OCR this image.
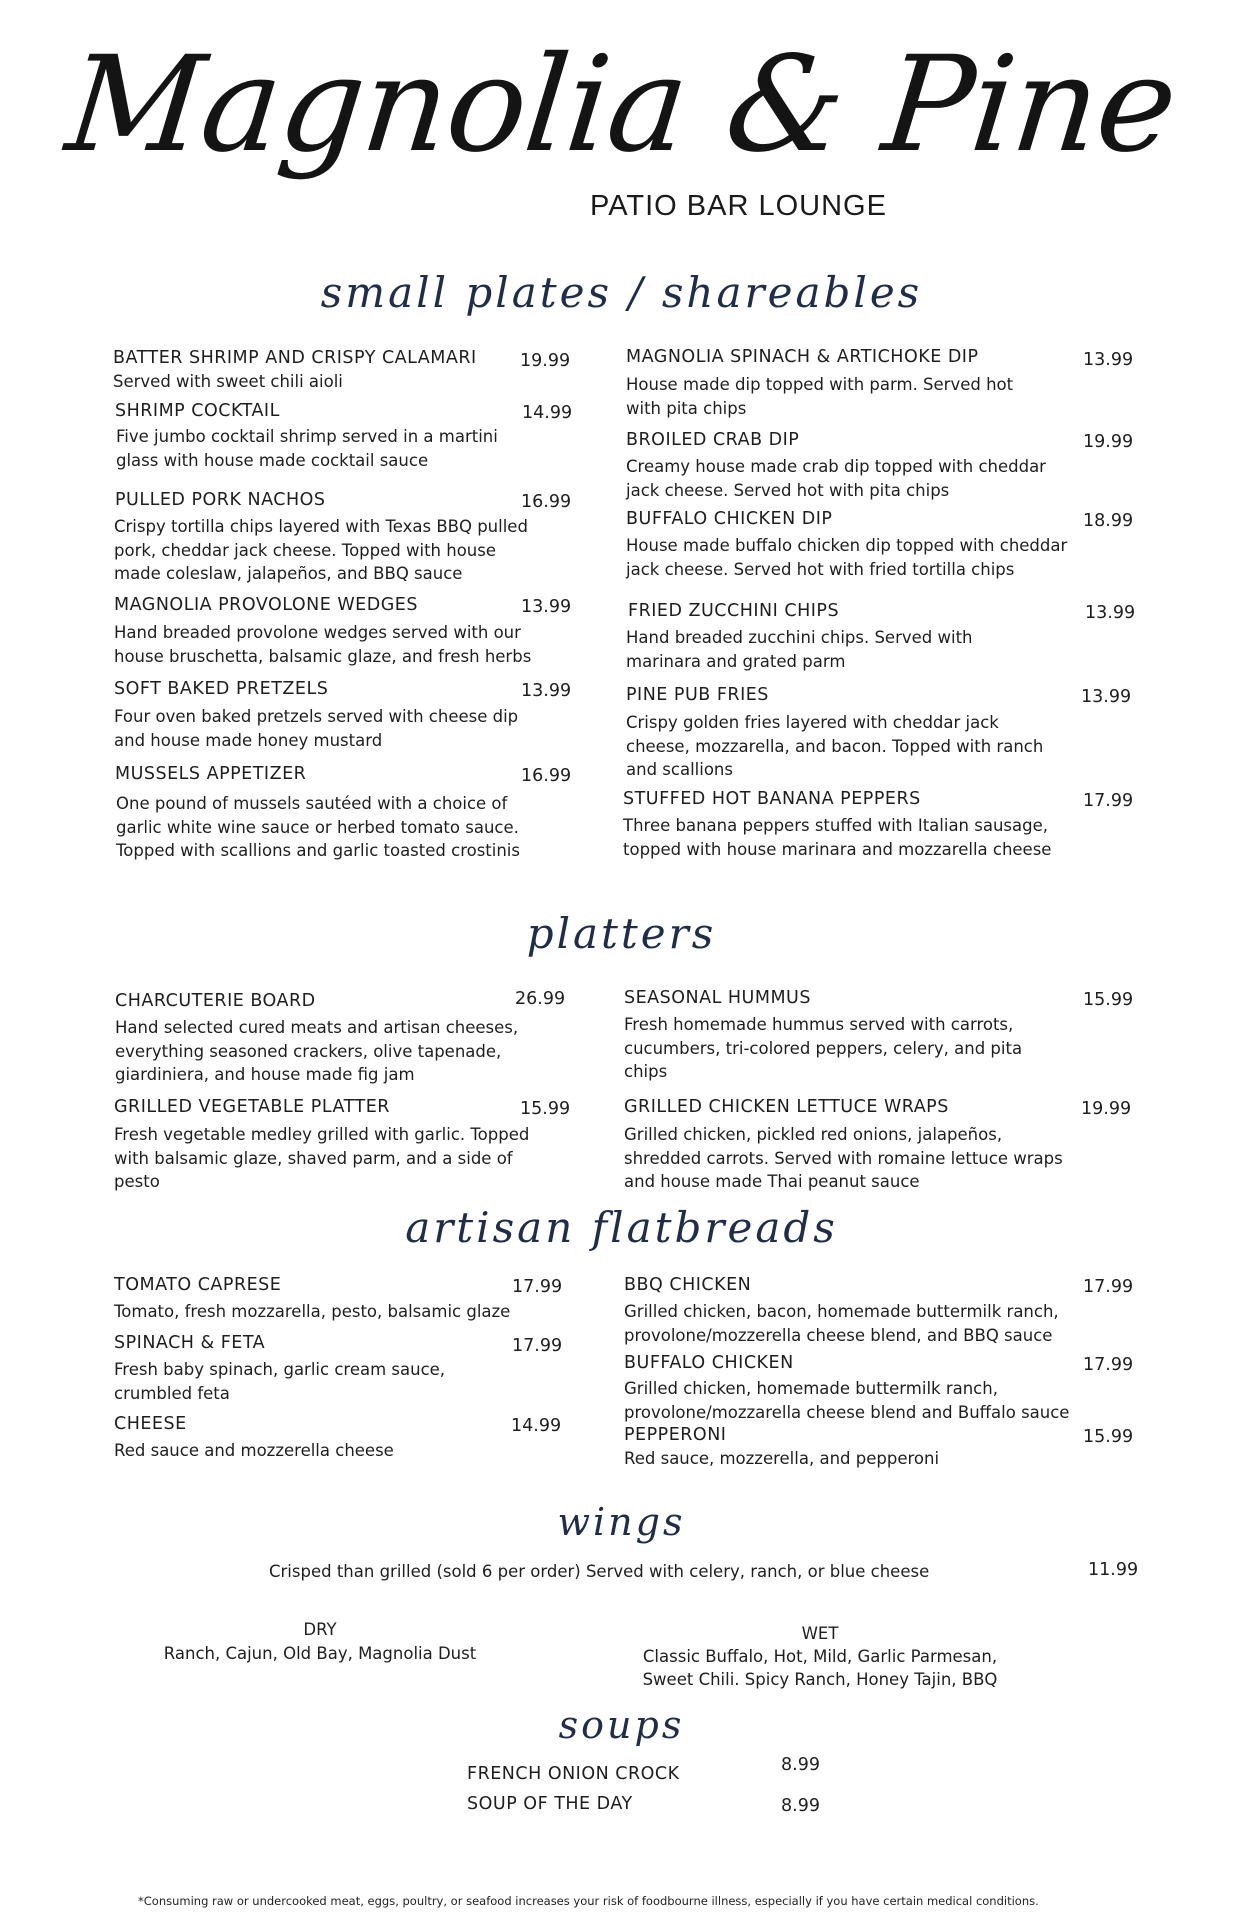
Magnolia & Pine
PATIO BAR LOUNGE
small plates / shareables
BATTER SHRIMP AND CRISPY CALAMARI 19.99
Served with sweet chili aioli
SHRIMP COCKTAIL	14.99
Five jumbo cocktail shrimp served in a martini glass with house made cocktail sauce
PULLED PORK NACHOS	16.99
Crispy tortilla chips layered with Texas BBQ pulled pork, cheddar jack cheese. Topped with house made coleslaw, jalapeños, and BBQ sauce
MAGNOLIA PROVOLONE WEDGES	13.99
Hand breaded provolone wedges served with our house bruschetta, balsamic glaze, and fresh herbs
SOFT BAKED PRETZELS	13.99
Four oven baked pretzels served with cheese dip and house made honey mustard
MUSSELS APPETIZER	16.99
One pound of mussels sautéed with a choice of garlic white wine sauce or herbed tomato sauce. Topped with scallions and garlic toasted crostinis
MAGNOLIA SPINACH & ARTICHOKE DIP	13.99
House made dip topped with parm. Served hot with pita chips
BROILED CRAB DIP	19.99
Creamy house made crab dip topped with cheddar jack cheese. Served hot with pita chips
BUFFALO CHICKEN DIP	18.99
House made buffalo chicken dip topped with cheddar jack cheese. Served hot with fried tortilla chips
FRIED ZUCCHINI CHIPS	13.99
Hand breaded zucchini chips. Served with marinara and grated parm
PINE PUB FRIES	13.99
Crispy golden fries layered with cheddar jack cheese, mozzarella, and bacon. Topped with ranch and scallions
STUFFED HOT BANANA PEPPERS	17.99
Three banana peppers stuffed with Italian sausage, topped with house marinara and mozzarella cheese
platters
CHARCUTERIE BOARD	26.99
Hand selected cured meats and artisan cheeses, everything seasoned crackers, olive tapenade, giardiniera, and house made fig jam
GRILLED VEGETABLE PLATTER	15.99
Fresh vegetable medley grilled with garlic. Topped with balsamic glaze, shaved parm, and a side of pesto
SEASONAL HUMMUS	15.99
Fresh homemade hummus served with carrots, cucumbers, tri-colored peppers, celery, and pita chips
GRILLED CHICKEN LETTUCE WRAPS	19.99
Grilled chicken, pickled red onions, jalapeños, shredded carrots. Served with romaine lettuce wraps and house made Thai peanut sauce
artisan flatbreads
TOMATO CAPRESE	17.99
Tomato, fresh mozzarella, pesto, balsamic glaze
SPINACH & FETA	17.99
Fresh baby spinach, garlic cream sauce, crumbled feta
CHEESE	14.99
Red sauce and mozzerella cheese
BBQ CHICKEN	17.99
Grilled chicken, bacon, homemade buttermilk ranch, provolone/mozzerella cheese blend, and BBQ sauce
BUFFALO CHICKEN	17.99
Grilled chicken, homemade buttermilk ranch, provolone/mozzarella cheese blend and Buffalo sauce
PEPPERONI	15.99
Red sauce, mozzerella, and pepperoni
wings
Crisped than grilled (sold 6 per order) Served with celery, ranch, or blue cheese	11.99
DRY
Ranch, Cajun, Old Bay, Magnolia Dust
WET
Classic Buffalo, Hot, Mild, Garlic Parmesan,
Sweet Chili. Spicy Ranch, Honey Tajin, BBQ
soups
FRENCH ONION CROCK	8.99
SOUP OF THE DAY	8.99
*Consuming raw or undercooked meat, eggs, poultry, or seafood increases your risk of foodbourne illness, especially if you have certain medical conditions.
